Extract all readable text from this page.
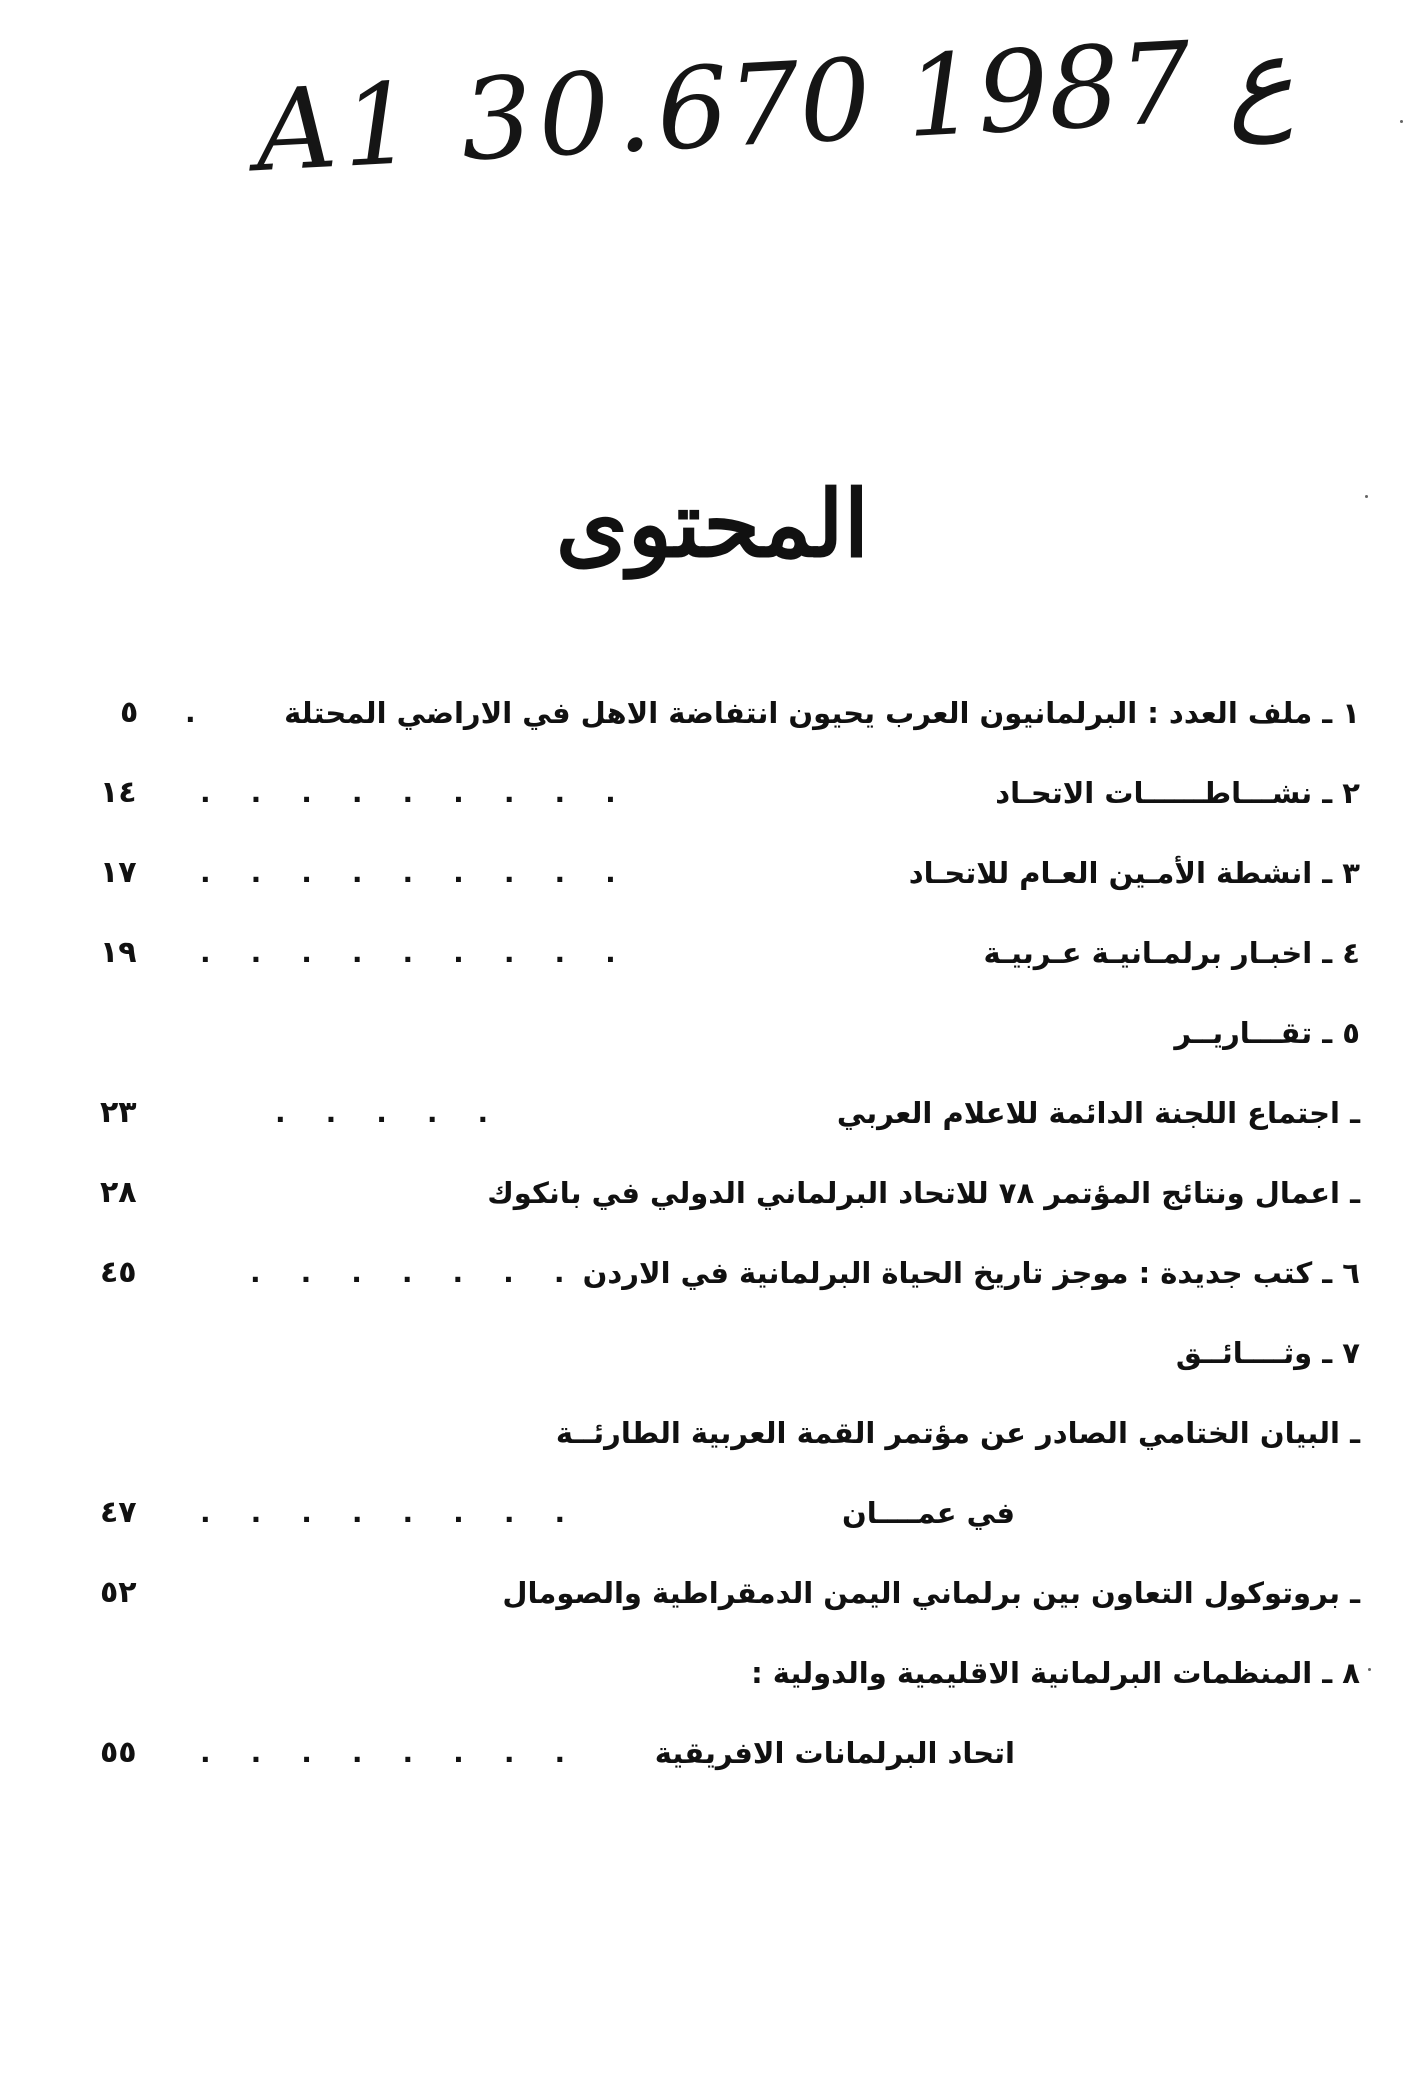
A1 30.ع 1987 670
المحتوى
١ ـ ملف العدد : البرلمانيون العرب يحيون انتفاضة الاهل في الاراضي المحتلة
.
٥
٢ ـ نشـــاطــــــات الاتحـاد
.........
١٤
٣ ـ انشطة الأمـين العـام للاتحـاد
.........
١٧
٤ ـ اخبـار برلمـانيـة عـربيـة
.........
١٩
٥ ـ تقـــاريــر
ـ اجتماع اللجنة الدائمة للاعلام العربي
.....
٢٣
ـ اعمال ونتائج المؤتمر ٧٨ للاتحاد البرلماني الدولي في بانكوك
٢٨
٦ ـ كتب جديدة : موجز تاريخ الحياة البرلمانية في الاردن
.......
٤٥
٧ ـ وثــــائــق
ـ البيان الختامي الصادر عن مؤتمر القمة العربية الطارئــة
في عمــــان
........
٤٧
ـ بروتوكول التعاون بين برلماني اليمن الدمقراطية والصومال
٥٢
٨ ـ المنظمات البرلمانية الاقليمية والدولية :
اتحاد البرلمانات الافريقية
........
٥٥
